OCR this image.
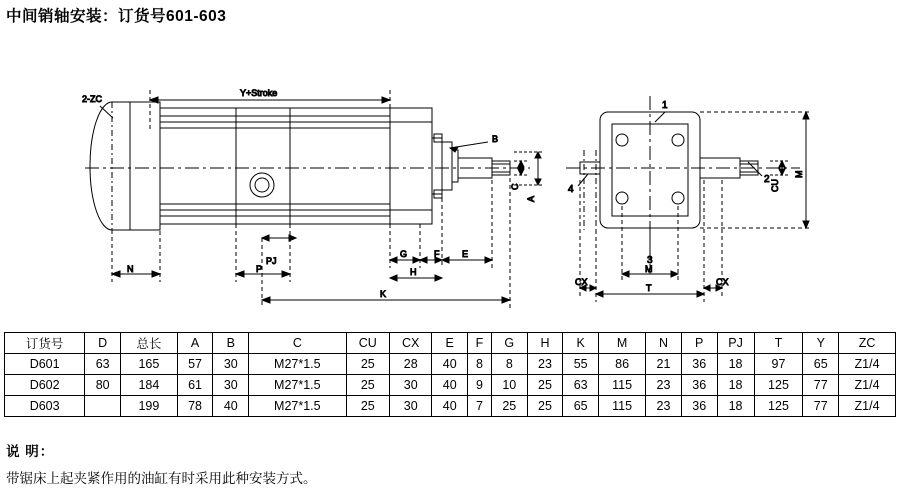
中间销轴安装：订货号601-603
2-ZC
Y+Stroke
B
C
A
N	P
PJ
G	F	E
H
K
1
3
4
2 CU
M
M
T
CX	CX
订货号	D	总长	A	B	C	CU	CX	E	F	G	H	K	M	N	P	PJ	T	Y	ZC
D601	63	165	57	30	M27*1.5	25	28	40	8	8	23	55	86	21	36	18	97	65	Z1/4
D602	80	184	61	30	M27*1.5	25	30	40	9	10	25	63	115	23	36	18	125	77	Z1/4
D603		199	78	40	M27*1.5	25	30	40	7	25	25	65	115	23	36	18	125	77	Z1/4
说 明：
带锯床上起夹紧作用的油缸有时采用此种安装方式。
